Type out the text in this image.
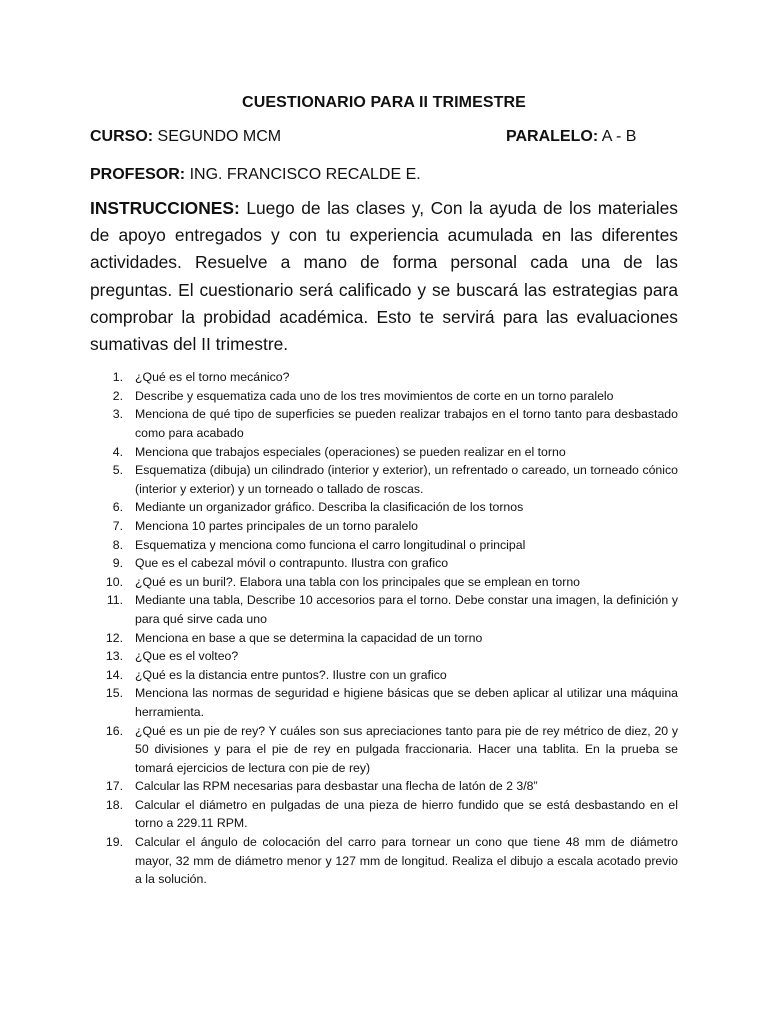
CUESTIONARIO PARA II TRIMESTRE
CURSO: SEGUNDO MCM	PARALELO: A - B
PROFESOR: ING. FRANCISCO RECALDE E.

INSTRUCCIONES: Luego de las clases y, Con la ayuda de los materiales de apoyo entregados y con tu experiencia acumulada en las diferentes actividades. Resuelve a mano de forma personal cada una de las preguntas. El cuestionario será calificado y se buscará las estrategias para comprobar la probidad académica. Esto te servirá para las evaluaciones sumativas del II trimestre.

1. ¿Qué es el torno mecánico?
2. Describe y esquematiza cada uno de los tres movimientos de corte en un torno paralelo
3. Menciona de qué tipo de superficies se pueden realizar trabajos en el torno tanto para desbastado como para acabado
4. Menciona que trabajos especiales (operaciones) se pueden realizar en el torno
5. Esquematiza (dibuja) un cilindrado (interior y exterior), un refrentado o careado, un torneado cónico (interior y exterior) y un torneado o tallado de roscas.
6. Mediante un organizador gráfico. Describa la clasificación de los tornos
7. Menciona 10 partes principales de un torno paralelo
8. Esquematiza y menciona como funciona el carro longitudinal o principal
9. Que es el cabezal móvil o contrapunto. Ilustra con grafico
10. ¿Qué es un buril?. Elabora una tabla con los principales que se emplean en torno
11. Mediante una tabla, Describe 10 accesorios para el torno. Debe constar una imagen, la definición y para qué sirve cada uno
12. Menciona en base a que se determina la capacidad de un torno
13. ¿Que es el volteo?
14. ¿Qué es la distancia entre puntos?. Ilustre con un grafico
15. Menciona las normas de seguridad e higiene básicas que se deben aplicar al utilizar una máquina herramienta.
16. ¿Qué es un pie de rey? Y cuáles son sus apreciaciones tanto para pie de rey métrico de diez, 20 y 50 divisiones y para el pie de rey en pulgada fraccionaria. Hacer una tablita. En la prueba se tomará ejercicios de lectura con pie de rey)
17. Calcular las RPM necesarias para desbastar una flecha de latón de 2 3/8”
18. Calcular el diámetro en pulgadas de una pieza de hierro fundido que se está desbastando en el torno a 229.11 RPM.
19. Calcular el ángulo de colocación del carro para tornear un cono que tiene 48 mm de diámetro mayor, 32 mm de diámetro menor y 127 mm de longitud. Realiza el dibujo a escala acotado previo a la solución.
